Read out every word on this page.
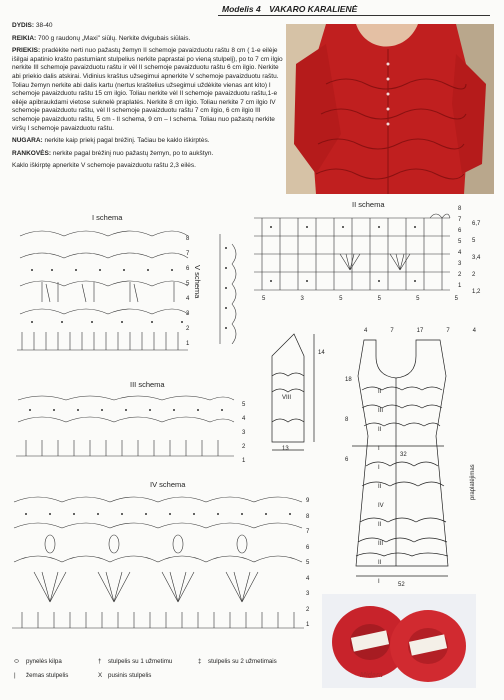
Modelis 4 VAKARO KARALIENĖ

DYDIS: 38-40

REIKIA: 700 g raudonų „Maxi" siūlų. Nerkite dvigubais siūlais.

PRIEKIS: pradėkite nerti nuo pažastų žemyn II schemoje pavaizduotu raštu 8 cm ( 1-e eilėje išilgai apatinio krašto pastumiant stulpelius nerkite paprastai po vieną stulpelį), po to 7 cm ilgio nerkite III schemoje pavaizduotu raštu ir vėl II schemoje pavaizduotu raštu 6 cm ilgio. Nerkite abi priekio dalis atskirai. Vidinius kraštus užsegimui apnerkite V schemoje pavaizduotu raštu. Toliau žemyn nerkite abi dalis kartu (nertus kraštelius užsegimui uždėkite vienas ant kito) I schemoje pavaizduotu raštu 15 cm ilgio. Toliau nerkite vėl II schemoje pavaizduotu raštu,1-e eilėje apibraukdami vietose suknelė praplatės. Nerkite 8 cm ilgio. Toliau nerkite 7 cm ilgio IV schemoje pavaizduotu raštu, vėl II schemoje pavaizduotu raštu 7 cm ilgio, 6 cm ilgio III schemoje pavaizduotu raštu, 5 cm - II schema, 9 cm – I schema. Toliau nuo pažastų nerkite viršų I schemoje pavaizduotu raštu.

NUGARA: nerkite kaip priekį pagal brėžinį. Tačiau be kaklo iškirptės.

RANKOVĖS: nerkite pagal brėžinį nuo pažastų žemyn, po to aukštyn.

Kaklo iškirptę apnerkite V schemoje pavaizduotu raštu 2,3 eilės.

I schema
II schema
III schema
IV schema
V schema
8
7
6
5
4
3
2
1
8
7
6
5
4
3
2
1
6,7
5
3,4
2
1,2
5	3	5	5	5	5
5
4
3
2
1
9
8
7
6
5
4
3
2
1
4	7	17	7	4
14
VIII
13
18
8
6
32
52
praplatėjimas
II
III
II
I
I
II
IV
II
III
II
I
Midara
⬭ pynelės kilpa
| žemas stulpelis
† stulpelis su 1 užmetimu
X pusinis stulpelis
‡ stulpelis su 2 užmetimais
